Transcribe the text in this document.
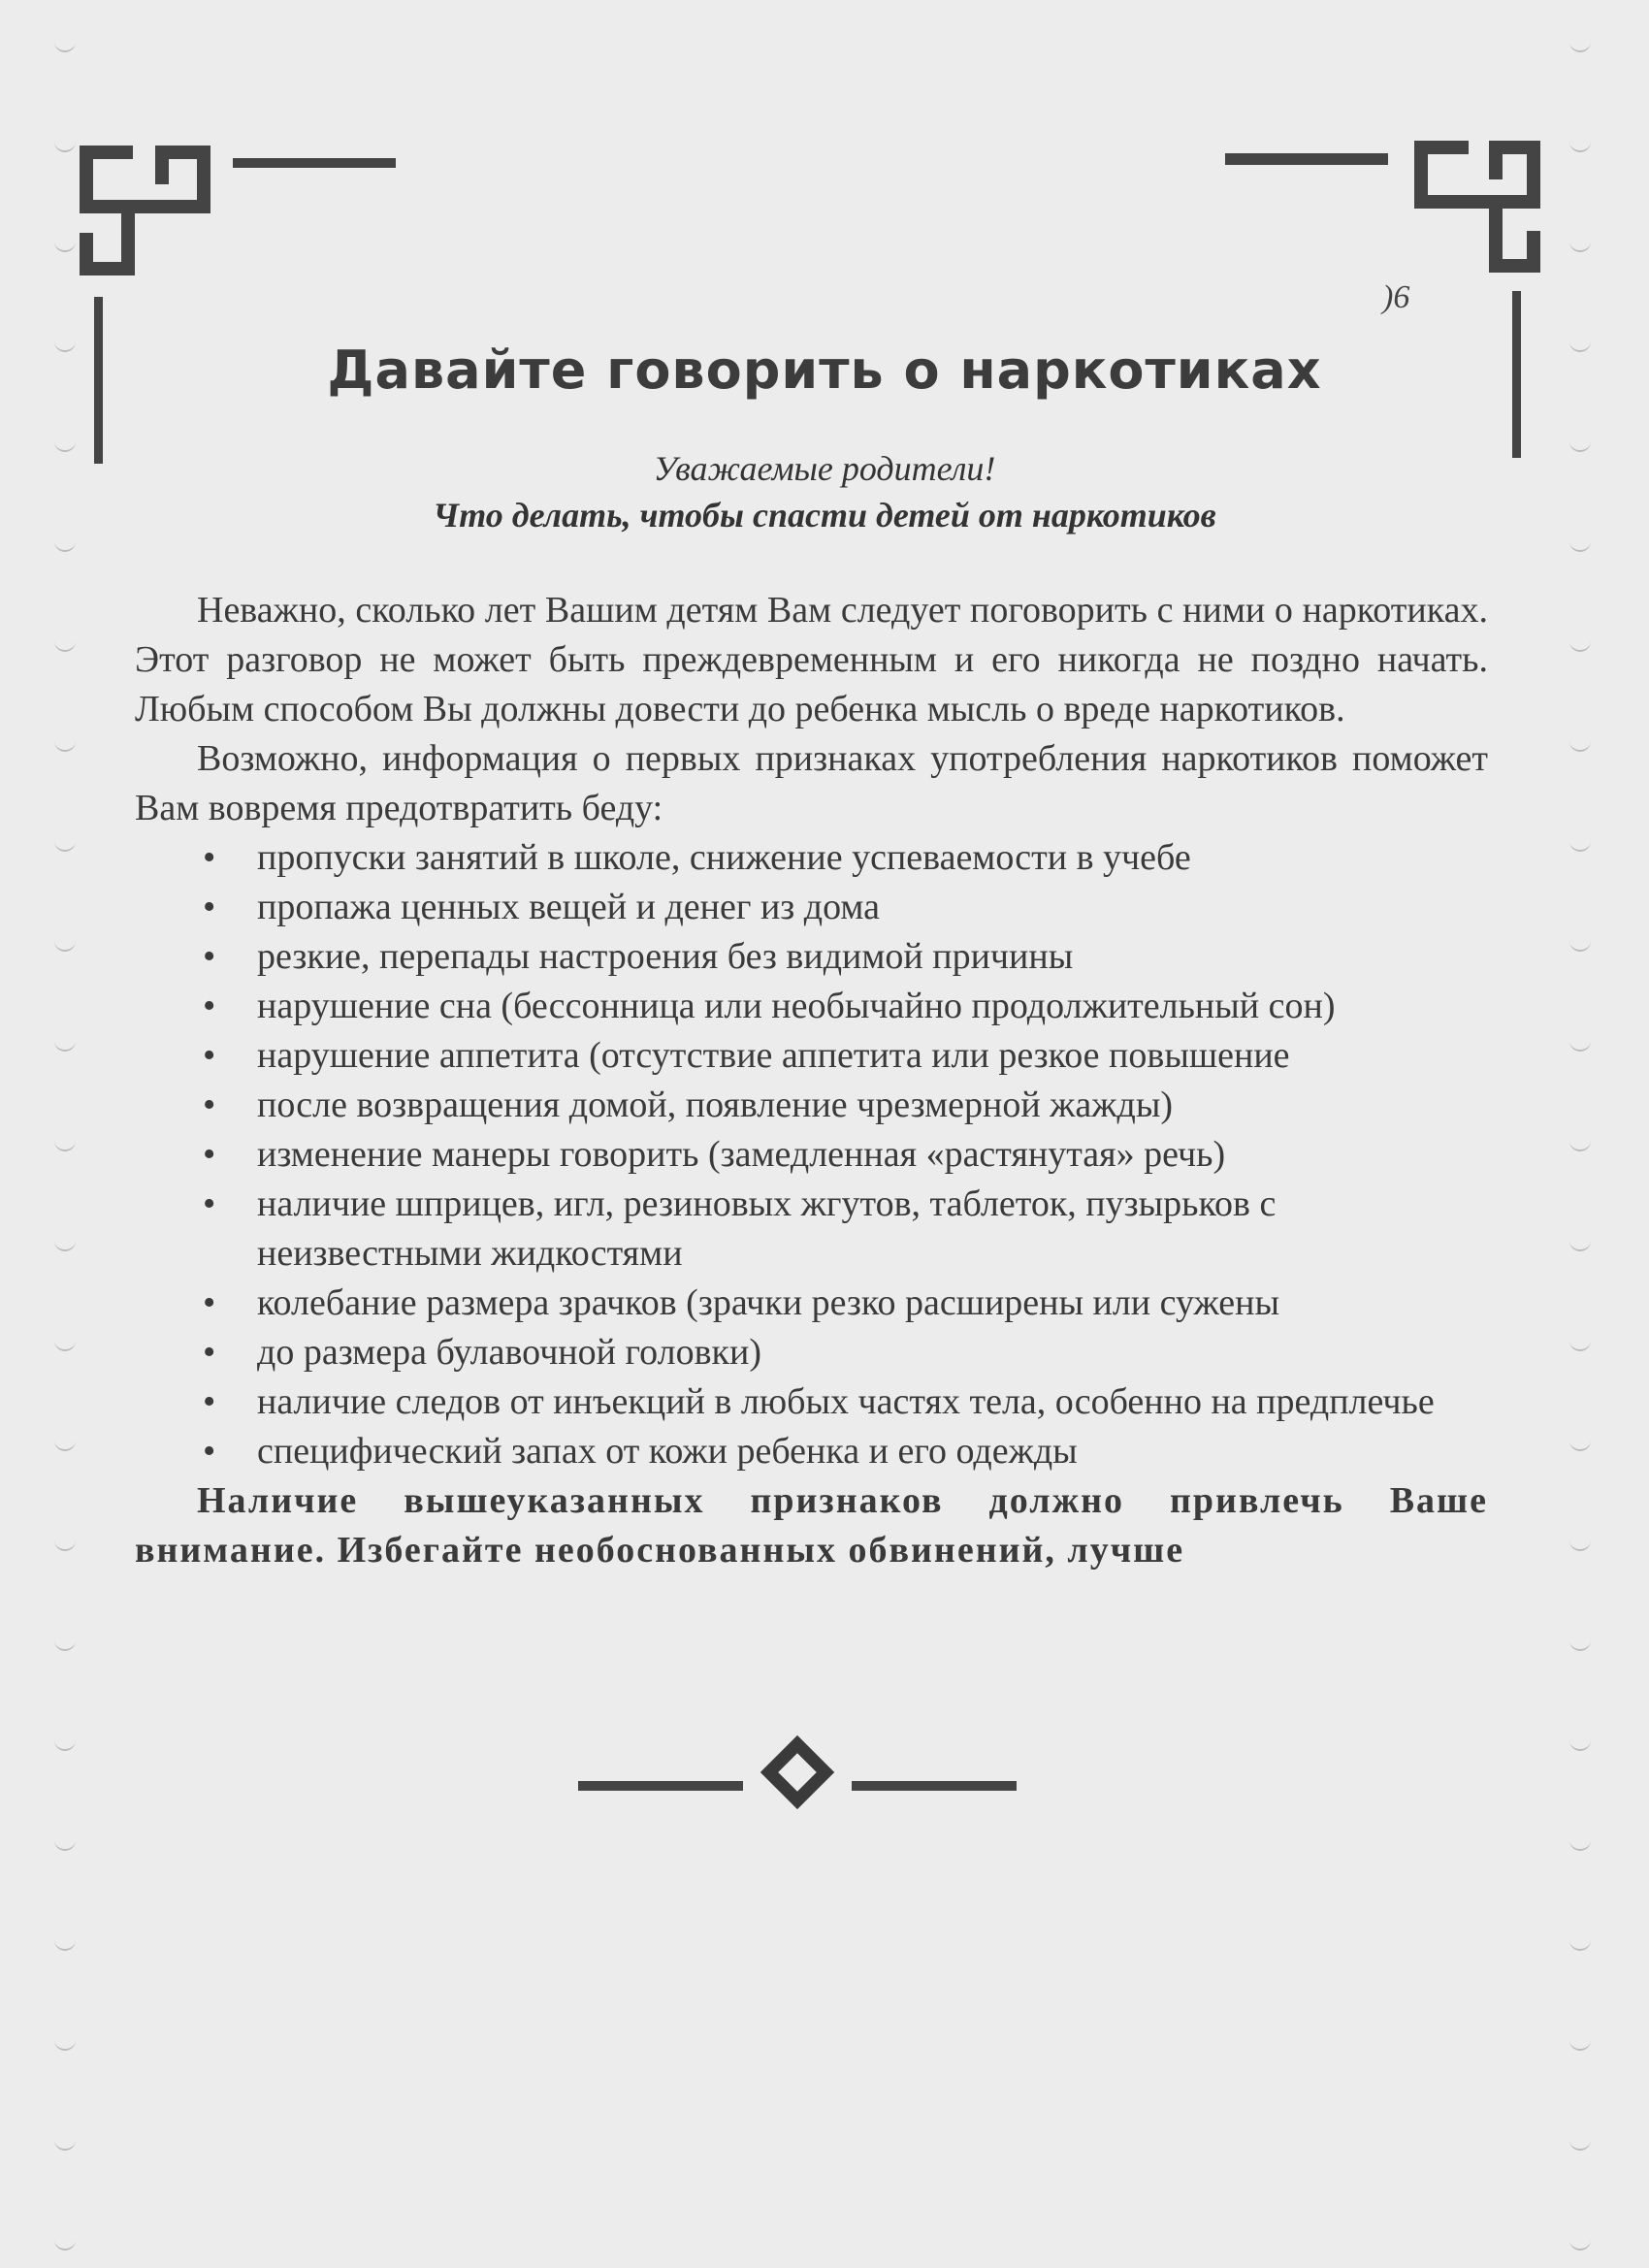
)6
Давайте говорить о наркотиках
Уважаемые родители!
Что делать, чтобы спасти детей от наркотиков

Неважно, сколько лет Вашим детям Вам следует поговорить с ними о наркотиках. Этот разговор не может быть преждевременным и его никогда не поздно начать. Любым способом Вы должны довести до ребенка мысль о вреде наркотиков.

Возможно, информация о первых признаках употребления наркотиков поможет Вам вовремя предотвратить беду:

• пропуски занятий в школе, снижение успеваемости в учебе
• пропажа ценных вещей и денег из дома
• резкие, перепады настроения без видимой причины
• нарушение сна (бессонница или необычайно продолжительный сон)
• нарушение аппетита (отсутствие аппетита или резкое повышение
• после возвращения домой, появление чрезмерной жажды)
• изменение манеры говорить (замедленная «растянутая» речь)
• наличие шприцев, игл, резиновых жгутов, таблеток, пузырьков с неизвестными жидкостями
• колебание размера зрачков (зрачки резко расширены или сужены
• до размера булавочной головки)
• наличие следов от инъекций в любых частях тела, особенно на предплечье
• специфический запах от кожи ребенка и его одежды

Наличие вышеуказанных признаков должно привлечь Ваше внимание. Избегайте необоснованных обвинений, лучше
